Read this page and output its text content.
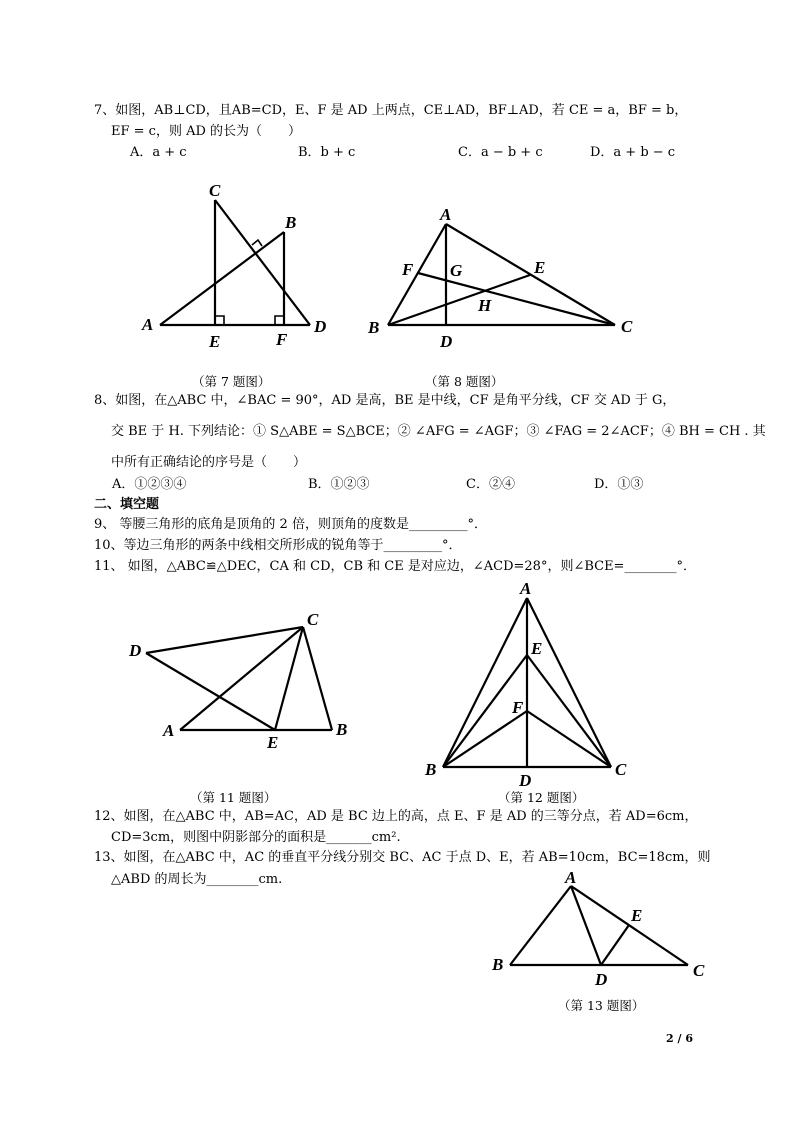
7、如图，AB⊥CD，且AB=CD，E、F 是 AD 上两点，CE⊥AD，BF⊥AD，若 CE = a，BF = b，
EF = c，则 AD 的长为（　　）
A．a + c	B．b + c	C．a − b + c	D．a + b − c
C
B
A	D
E	F
A
F G	E
H
B
D
C
C
D
A
E
B
A
E
F
B
D
C
A
E
B
D	C
（第 7 题图）	（第 8 题图）
8、如图，在△ABC 中，∠BAC = 90°，AD 是高，BE 是中线，CF 是角平分线，CF 交 AD 于 G，
交 BE 于 H. 下列结论：① S△ABE = S△BCE；② ∠AFG = ∠AGF；③ ∠FAG = 2∠ACF；④ BH = CH . 其
中所有正确结论的序号是（　　）
A．①②③④	B．①②③	C．②④	D．①③
二、填空题
9、 等腰三角形的底角是顶角的 2 倍，则顶角的度数是_________°．
10、等边三角形的两条中线相交所形成的锐角等于_________°．
11、 如图，△ABC≌△DEC，CA 和 CD，CB 和 CE 是对应边，∠ACD=28°，则∠BCE=________°．
（第 11 题图）	（第 12 题图）
12、如图，在△ABC 中，AB=AC，AD 是 BC 边上的高，点 E、F 是 AD 的三等分点，若 AD=6cm，
CD=3cm，则图中阴影部分的面积是_______cm².
13、如图，在△ABC 中，AC 的垂直平分线分别交 BC、AC 于点 D、E，若 AB=10cm，BC=18cm，则
△ABD 的周长为________cm.
（第 13 题图）
2 / 6
